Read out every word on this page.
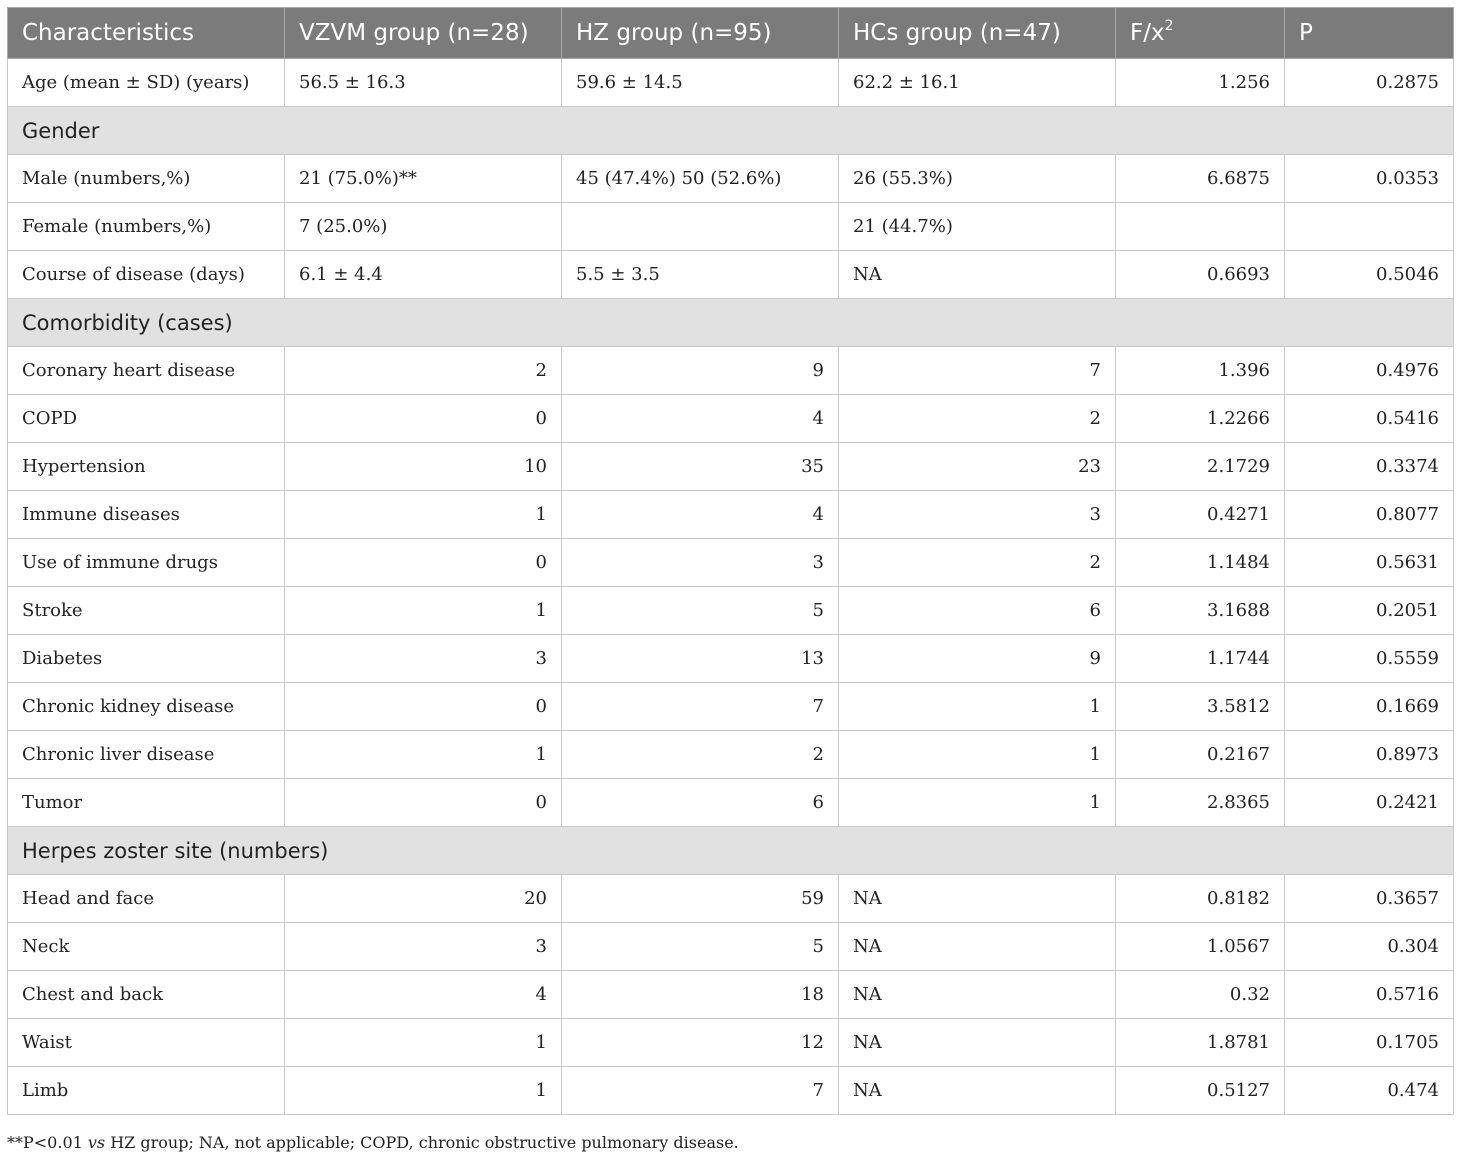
Characteristics	VZVM group (n=28)	HZ group (n=95)	HCs group (n=47)	$F/x^2$	P
Age (mean ± SD) (years)	56.5 ± 16.3	59.6 ± 14.5	62.2 ± 16.1	1.256	0.2875
Gender					
Male (numbers,%)	21 (75.0%)**	45 (47.4%) 50 (52.6%)	26 (55.3%)	6.6875	0.0353
Female (numbers,%)	7 (25.0%)		21 (44.7%)		
Course of disease (days)	6.1 ± 4.4	5.5 ± 3.5	NA	0.6693	0.5046
Comorbidity (cases)					
Coronary heart disease	2	9	7	1.396	0.4976
COPD	0	4	2	1.2266	0.5416
Hypertension	10	35	23	2.1729	0.3374
Immune diseases	1	4	3	0.4271	0.8077
Use of immune drugs	0	3	2	1.1484	0.5631
Stroke	1	5	6	3.1688	0.2051
Diabetes	3	13	9	1.1744	0.5559
Chronic kidney disease	0	7	1	3.5812	0.1669
Chronic liver disease	1	2	1	0.2167	0.8973
Tumor	0	6	1	2.8365	0.2421
Herpes zoster site (numbers)					
Head and face	20	59	NA	0.8182	0.3657
Neck	3	5	NA	1.0567	0.304
Chest and back	4	18	NA	0.32	0.5716
Waist	1	12	NA	1.8781	0.1705
Limb	1	7	NA	0.5127	0.474
**P<0.01 vs HZ group; NA, not applicable; COPD, chronic obstructive pulmonary disease.
